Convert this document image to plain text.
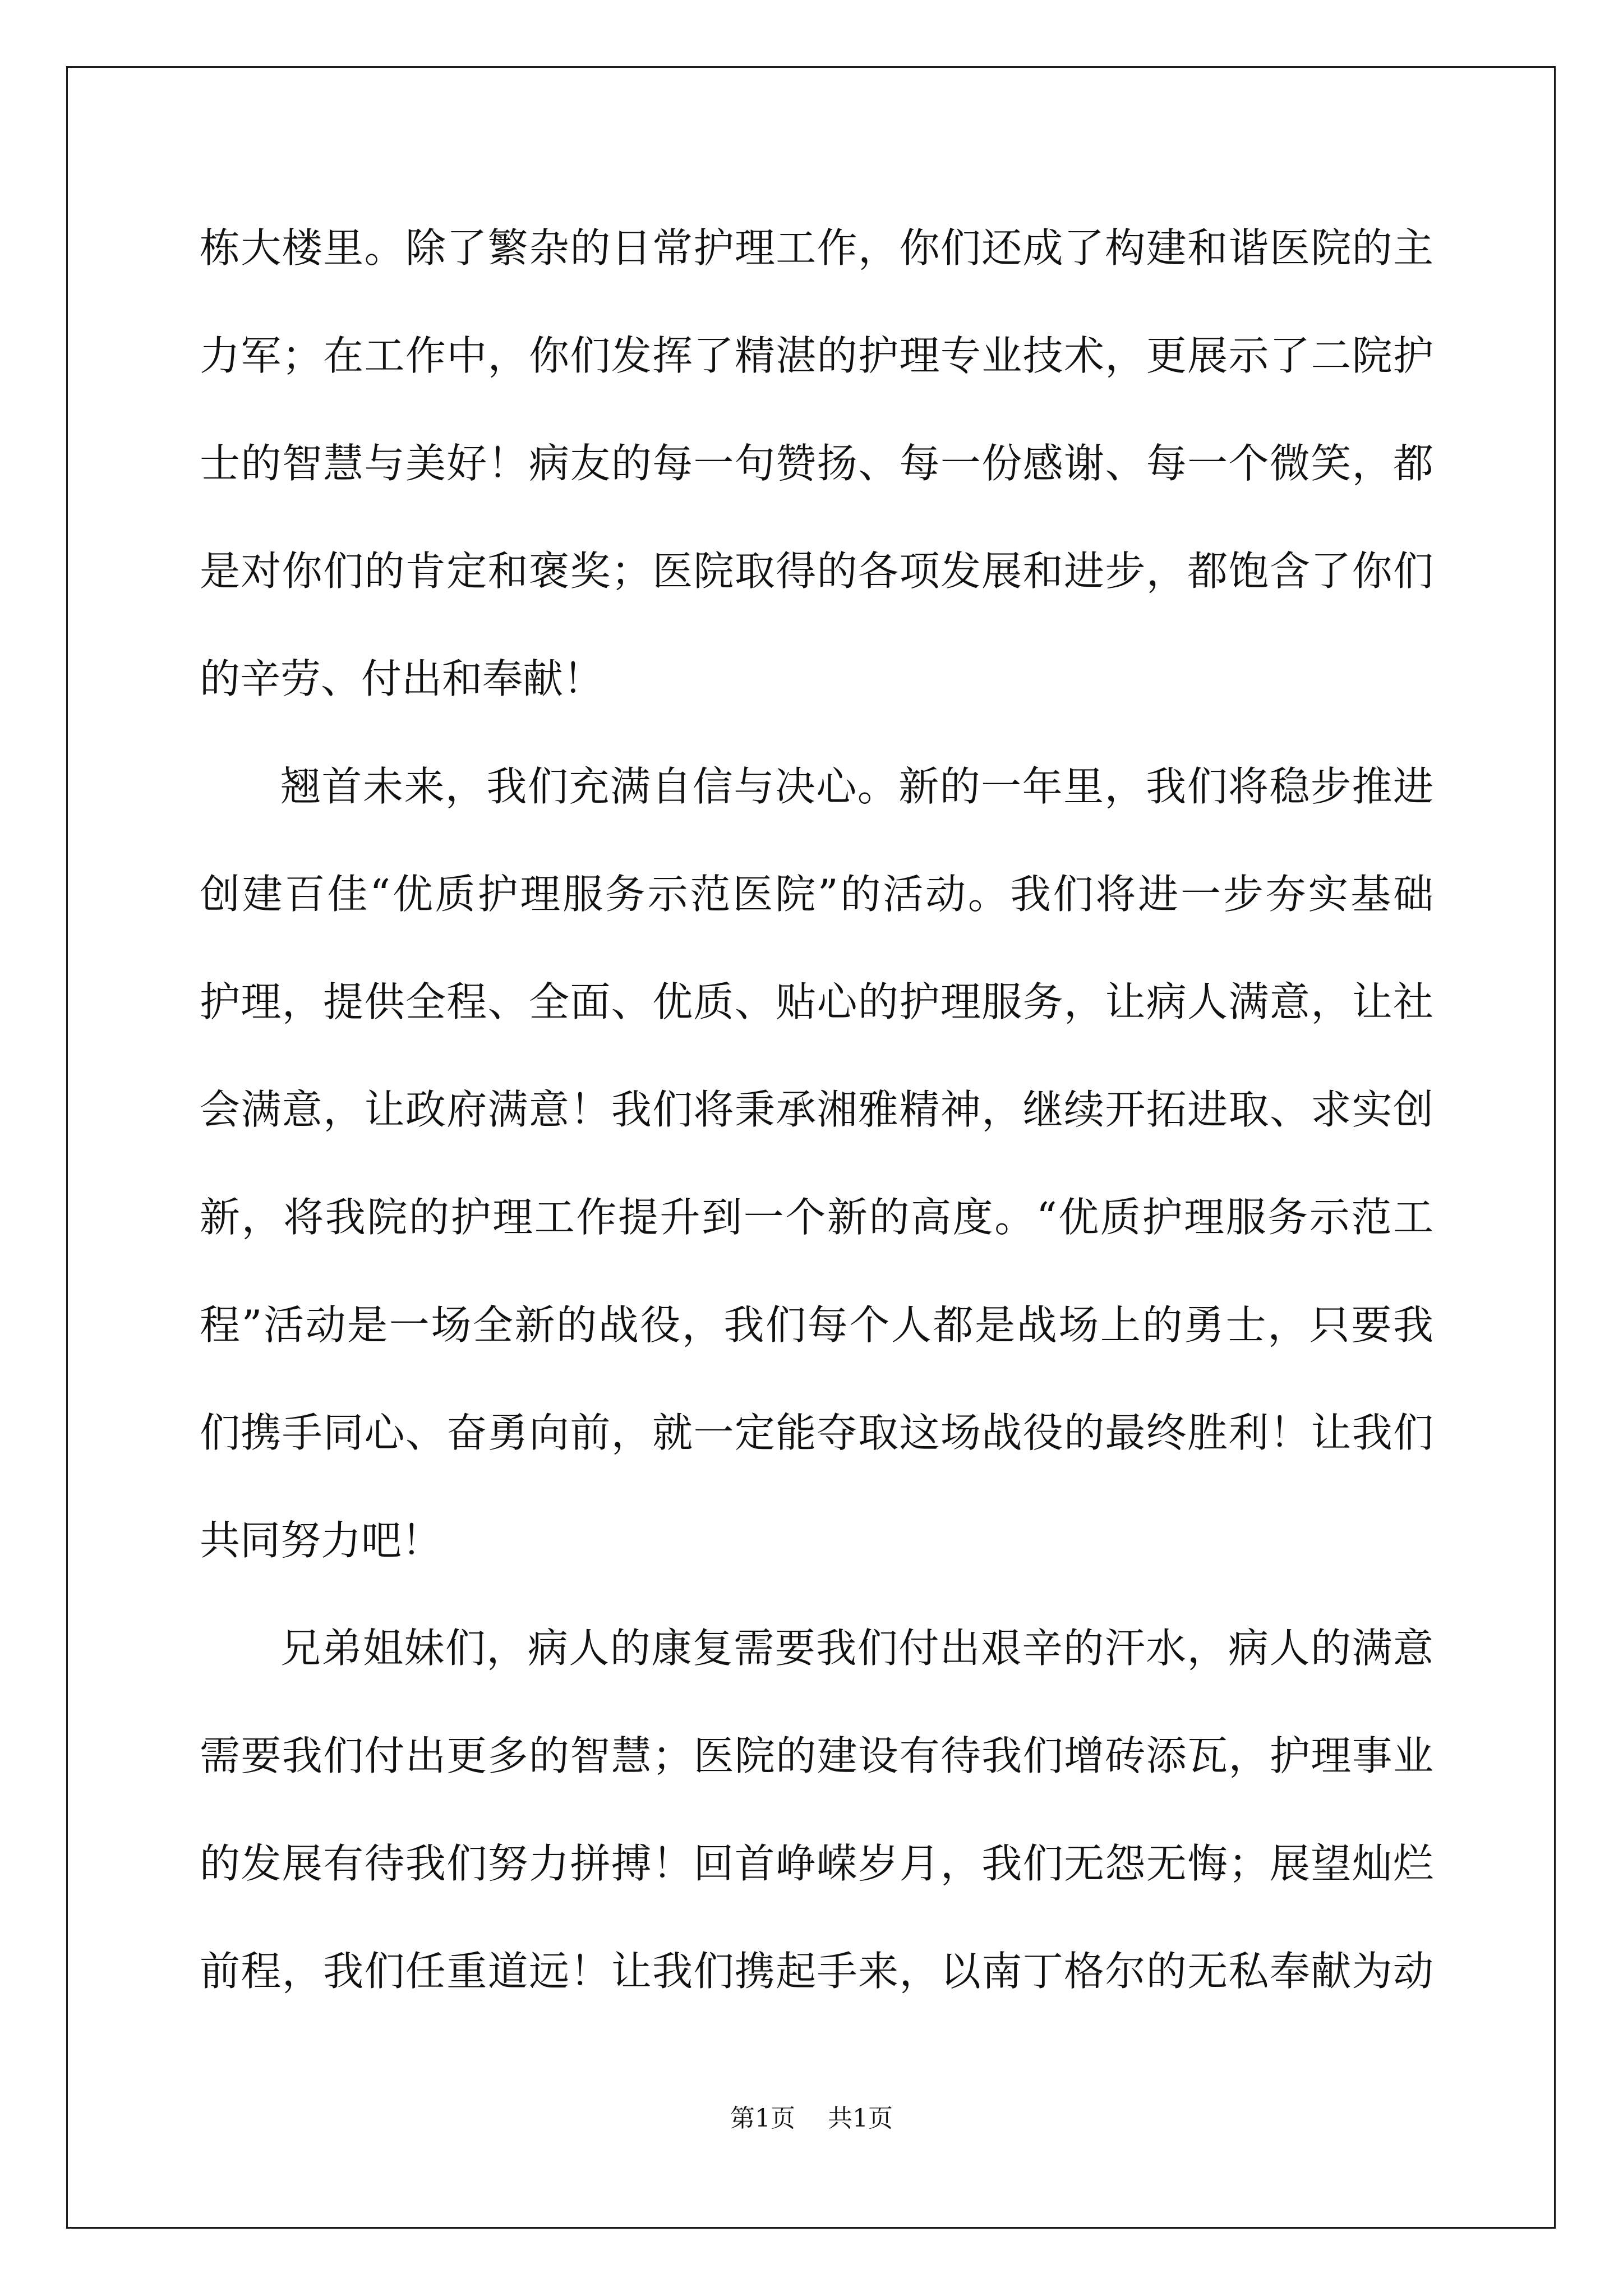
栋大楼里。除了繁杂的日常护理工作，你们还成了构建和谐医院的主
力军；在工作中，你们发挥了精湛的护理专业技术，更展示了二院护
士的智慧与美好！病友的每一句赞扬、每一份感谢、每一个微笑，都
是对你们的肯定和褒奖；医院取得的各项发展和进步，都饱含了你们
的辛劳、付出和奉献！
翘首未来，我们充满自信与决心。新的一年里，我们将稳步推进
创建百佳“优质护理服务示范医院”的活动。我们将进一步夯实基础
护理，提供全程、全面、优质、贴心的护理服务，让病人满意，让社
会满意，让政府满意！我们将秉承湘雅精神，继续开拓进取、求实创
新，将我院的护理工作提升到一个新的高度。“优质护理服务示范工
程”活动是一场全新的战役，我们每个人都是战场上的勇士，只要我
们携手同心、奋勇向前，就一定能夺取这场战役的最终胜利！让我们
共同努力吧！
兄弟姐妹们，病人的康复需要我们付出艰辛的汗水，病人的满意
需要我们付出更多的智慧；医院的建设有待我们增砖添瓦，护理事业
的发展有待我们努力拼搏！回首峥嵘岁月，我们无怨无悔；展望灿烂
前程，我们任重道远！让我们携起手来，以南丁格尔的无私奉献为动
第1页 共1页
